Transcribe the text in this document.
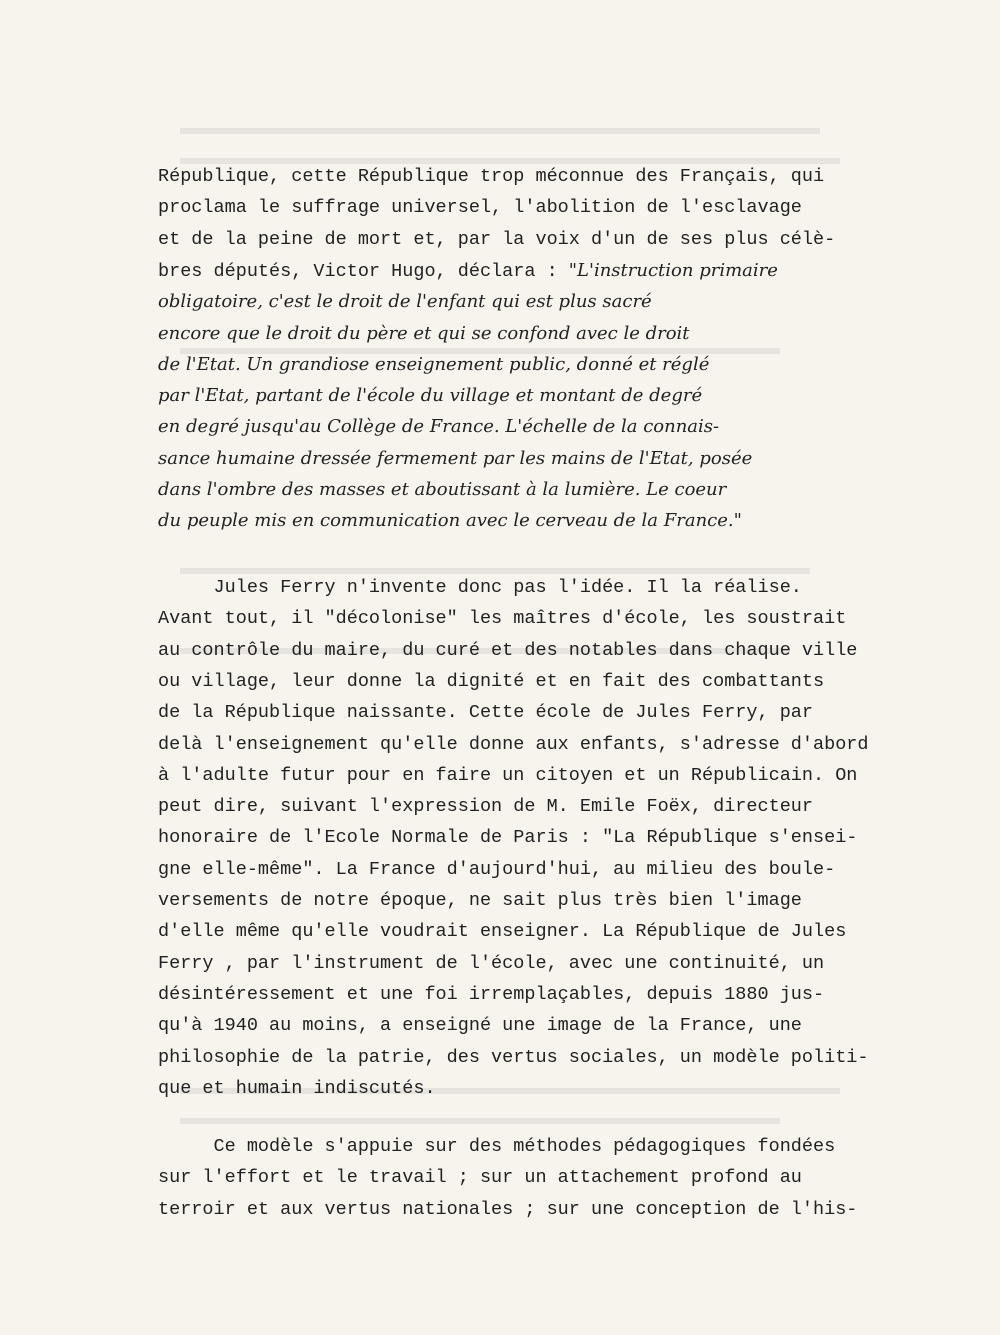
République, cette République trop méconnue des Français, qui
proclama le suffrage universel, l'abolition de l'esclavage
et de la peine de mort et, par la voix d'un de ses plus célè-
bres députés, Victor Hugo, déclara : "L'instruction primaire
obligatoire, c'est le droit de l'enfant qui est plus sacré
encore que le droit du père et qui se confond avec le droit
de l'Etat. Un grandiose enseignement public, donné et réglé
par l'Etat, partant de l'école du village et montant de degré
en degré jusqu'au Collège de France. L'échelle de la connais-
sance humaine dressée fermement par les mains de l'Etat, posée
dans l'ombre des masses et aboutissant à la lumière. Le coeur
du peuple mis en communication avec le cerveau de la France."
Jules Ferry n'invente donc pas l'idée. Il la réalise.
Avant tout, il "décolonise" les maîtres d'école, les soustrait
au contrôle du maire, du curé et des notables dans chaque ville
ou village, leur donne la dignité et en fait des combattants
de la République naissante. Cette école de Jules Ferry, par
delà l'enseignement qu'elle donne aux enfants, s'adresse d'abord
à l'adulte futur pour en faire un citoyen et un Républicain. On
peut dire, suivant l'expression de M. Emile Foëx, directeur
honoraire de l'Ecole Normale de Paris : "La République s'ensei-
gne elle-même". La France d'aujourd'hui, au milieu des boule-
versements de notre époque, ne sait plus très bien l'image
d'elle même qu'elle voudrait enseigner. La République de Jules
Ferry , par l'instrument de l'école, avec une continuité, un
désintéressement et une foi irremplaçables, depuis 1880 jus-
qu'à 1940 au moins, a enseigné une image de la France, une
philosophie de la patrie, des vertus sociales, un modèle politi-
que et humain indiscutés.
Ce modèle s'appuie sur des méthodes pédagogiques fondées
sur l'effort et le travail ; sur un attachement profond au
terroir et aux vertus nationales ; sur une conception de l'his-
